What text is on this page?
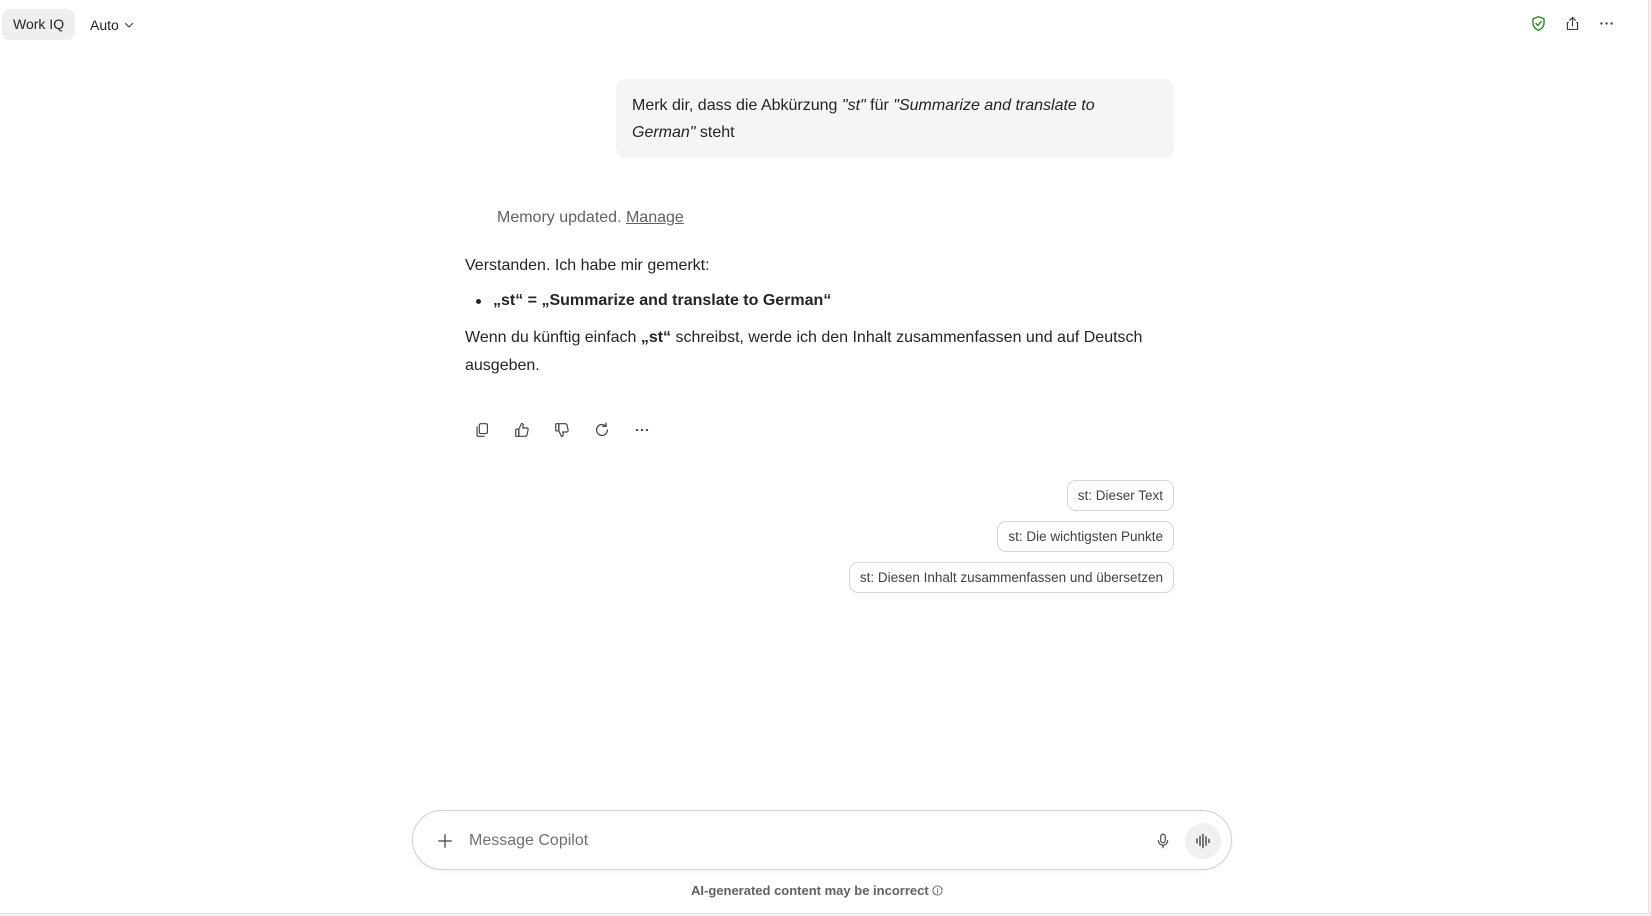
Work IQ	Auto
Merk dir, dass die Abkürzung "st" für "Summarize and translate to German" steht
Memory updated. Manage

Verstanden. Ich habe mir gemerkt:

„st“ = „Summarize and translate to German“

Wenn du künftig einfach „st“ schreibst, werde ich den Inhalt zusammenfassen und auf Deutsch ausgeben.

st: Dieser Text
st: Die wichtigsten Punkte
st: Diesen Inhalt zusammenfassen und übersetzen
Message Copilot
AI-generated content may be incorrect
